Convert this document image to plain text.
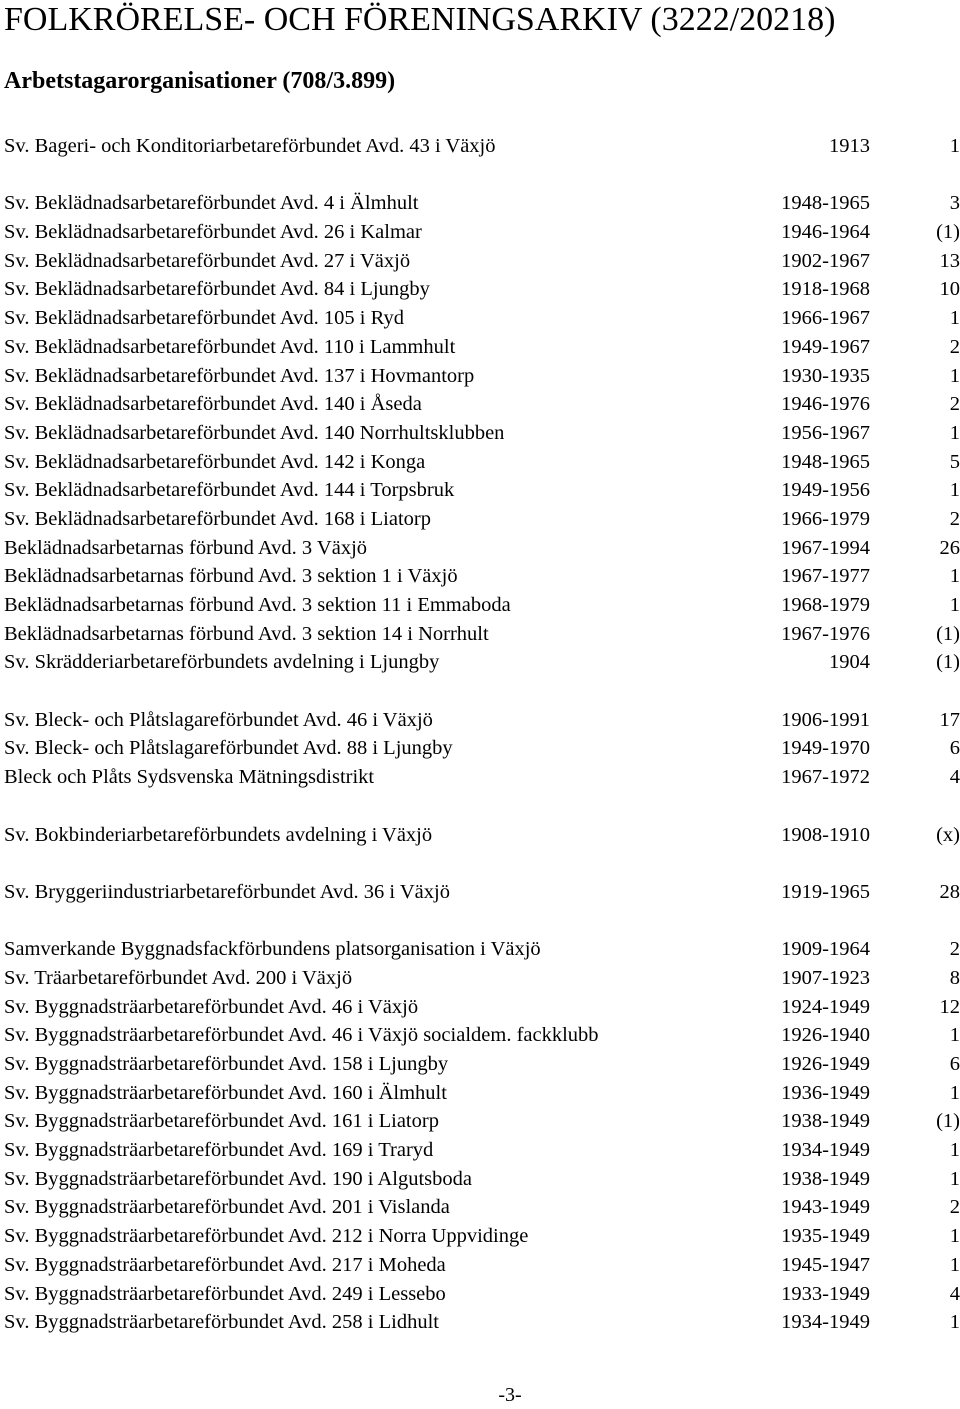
FOLKRÖRELSE- OCH FÖRENINGSARKIV (3222/20218)
Arbetstagarorganisationer (708/3.899)
Sv. Bageri- och Konditoriarbetareförbundet Avd. 43 i Växjö	1913	1
Sv. Beklädnadsarbetareförbundet Avd. 4 i Älmhult	1948-1965	3
Sv. Beklädnadsarbetareförbundet Avd. 26 i Kalmar	1946-1964	(1)
Sv. Beklädnadsarbetareförbundet Avd. 27 i Växjö	1902-1967	13
Sv. Beklädnadsarbetareförbundet Avd. 84 i Ljungby	1918-1968	10
Sv. Beklädnadsarbetareförbundet Avd. 105 i Ryd	1966-1967	1
Sv. Beklädnadsarbetareförbundet Avd. 110 i Lammhult	1949-1967	2
Sv. Beklädnadsarbetareförbundet Avd. 137 i Hovmantorp	1930-1935	1
Sv. Beklädnadsarbetareförbundet Avd. 140 i Åseda	1946-1976	2
Sv. Beklädnadsarbetareförbundet Avd. 140 Norrhultsklubben	1956-1967	1
Sv. Beklädnadsarbetareförbundet Avd. 142 i Konga	1948-1965	5
Sv. Beklädnadsarbetareförbundet Avd. 144 i Torpsbruk	1949-1956	1
Sv. Beklädnadsarbetareförbundet Avd. 168 i Liatorp	1966-1979	2
Beklädnadsarbetarnas förbund Avd. 3 Växjö	1967-1994	26
Beklädnadsarbetarnas förbund Avd. 3 sektion 1 i Växjö	1967-1977	1
Beklädnadsarbetarnas förbund Avd. 3 sektion 11 i Emmaboda	1968-1979	1
Beklädnadsarbetarnas förbund Avd. 3 sektion 14 i Norrhult	1967-1976	(1)
Sv. Skrädderiarbetareförbundets avdelning i Ljungby	1904	(1)
Sv. Bleck- och Plåtslagareförbundet Avd. 46 i Växjö	1906-1991	17
Sv. Bleck- och Plåtslagareförbundet Avd. 88 i Ljungby	1949-1970	6
Bleck och Plåts Sydsvenska Mätningsdistrikt	1967-1972	4
Sv. Bokbinderiarbetareförbundets avdelning i Växjö	1908-1910	(x)
Sv. Bryggeriindustriarbetareförbundet Avd. 36 i Växjö	1919-1965	28
Samverkande Byggnadsfackförbundens platsorganisation i Växjö	1909-1964	2
Sv. Träarbetareförbundet Avd. 200 i Växjö	1907-1923	8
Sv. Byggnadsträarbetareförbundet Avd. 46 i Växjö	1924-1949	12
Sv. Byggnadsträarbetareförbundet Avd. 46 i Växjö socialdem. fackklubb	1926-1940	1
Sv. Byggnadsträarbetareförbundet Avd. 158 i Ljungby	1926-1949	6
Sv. Byggnadsträarbetareförbundet Avd. 160 i Älmhult	1936-1949	1
Sv. Byggnadsträarbetareförbundet Avd. 161 i Liatorp	1938-1949	(1)
Sv. Byggnadsträarbetareförbundet Avd. 169 i Traryd	1934-1949	1
Sv. Byggnadsträarbetareförbundet Avd. 190 i Algutsboda	1938-1949	1
Sv. Byggnadsträarbetareförbundet Avd. 201 i Vislanda	1943-1949	2
Sv. Byggnadsträarbetareförbundet Avd. 212 i Norra Uppvidinge	1935-1949	1
Sv. Byggnadsträarbetareförbundet Avd. 217 i Moheda	1945-1947	1
Sv. Byggnadsträarbetareförbundet Avd. 249 i Lessebo	1933-1949	4
Sv. Byggnadsträarbetareförbundet Avd. 258 i Lidhult	1934-1949	1
-3-
